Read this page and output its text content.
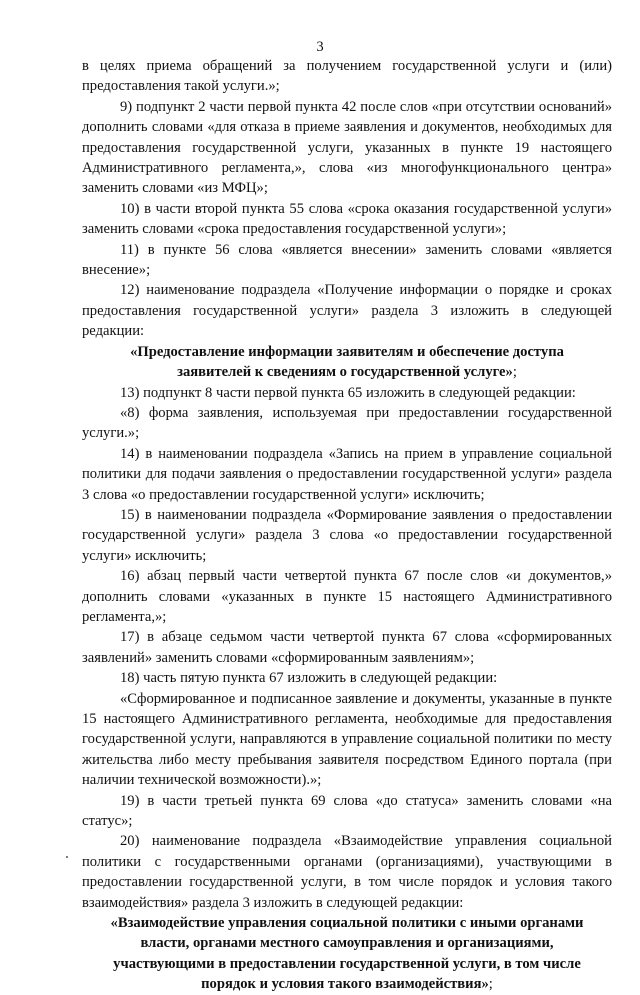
3

в целях приема обращений за получением государственной услуги и (или) предоставления такой услуги.»;

9) подпункт 2 части первой пункта 42 после слов «при отсутствии оснований» дополнить словами «для отказа в приеме заявления и документов, необходимых для предоставления государственной услуги, указанных в пункте 19 настоящего Административного регламента,», слова «из многофункционального центра» заменить словами «из МФЦ»;

10) в части второй пункта 55 слова «срока оказания государственной услуги» заменить словами «срока предоставления государственной услуги»;

11) в пункте 56 слова «является внесении» заменить словами «является внесение»;

12) наименование подраздела «Получение информации о порядке и сроках предоставления государственной услуги» раздела 3 изложить в следующей редакции:

«Предоставление информации заявителям и обеспечение доступа
заявителей к сведениям о государственной услуге»;

13) подпункт 8 части первой пункта 65 изложить в следующей редакции:

«8) форма заявления, используемая при предоставлении государственной услуги.»;

14) в наименовании подраздела «Запись на прием в управление социальной политики для подачи заявления о предоставлении государственной услуги» раздела 3 слова «о предоставлении государственной услуги» исключить;

15) в наименовании подраздела «Формирование заявления о предоставлении государственной услуги» раздела 3 слова «о предоставлении государственной услуги» исключить;

16) абзац первый части четвертой пункта 67 после слов «и документов,» дополнить словами «указанных в пункте 15 настоящего Административного регламента,»;

17) в абзаце седьмом части четвертой пункта 67 слова «сформированных заявлений» заменить словами «сформированным заявлениям»;

18) часть пятую пункта 67 изложить в следующей редакции:

«Сформированное и подписанное заявление и документы, указанные в пункте 15 настоящего Административного регламента, необходимые для предоставления государственной услуги, направляются в управление социальной политики по месту жительства либо месту пребывания заявителя посредством Единого портала (при наличии технической возможности).»;

19) в части третьей пункта 69 слова «до статуса» заменить словами «на статус»;

20) наименование подраздела «Взаимодействие управления социальной политики с государственными органами (организациями), участвующими в предоставлении государственной услуги, в том числе порядок и условия такого взаимодействия» раздела 3 изложить в следующей редакции:

«Взаимодействие управления социальной политики с иными органами
власти, органами местного самоуправления и организациями,
участвующими в предоставлении государственной услуги, в том числе
порядок и условия такого взаимодействия»;
